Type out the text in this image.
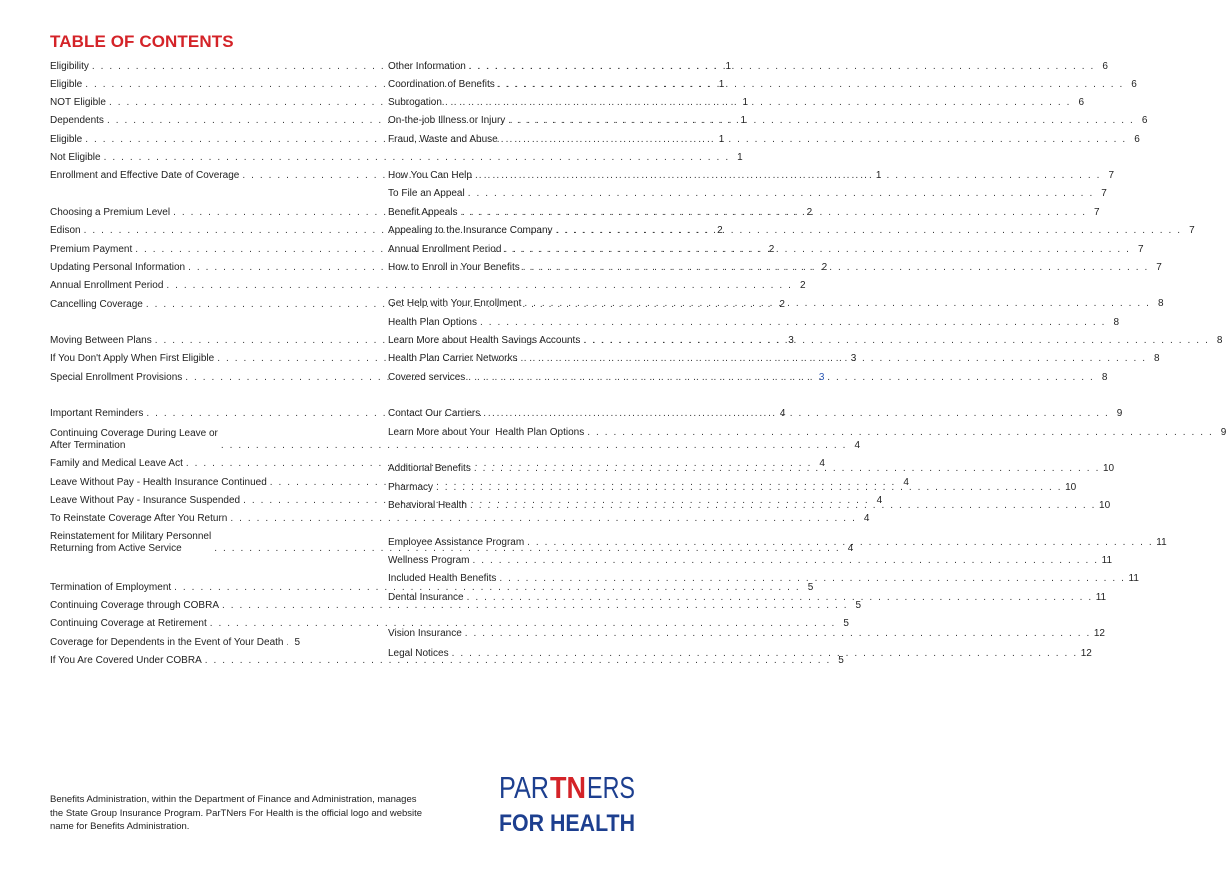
TABLE OF CONTENTS
Eligibility . . .	1
Eligible . . .	1
NOT Eligible . . .	1
Dependents . . .	1
Eligible . . .	1
Not Eligible . . .	1
Enrollment and Effective Date of Coverage . . .	1
Choosing a Premium Level . . .	2
Edison . . .	2
Premium Payment . . .	2
Updating Personal Information . . .	2
Annual Enrollment Period . . .	2
Cancelling Coverage . . .	2
Moving Between Plans . . .	3
If You Don't Apply When First Eligible . . .	3
Special Enrollment Provisions . . .	3
Important Reminders . . .	4
Continuing Coverage During Leave or
After Termination . . .	4
Family and Medical Leave Act . . .	4
Leave Without Pay - Health Insurance Continued . . .	4
Leave Without Pay - Insurance Suspended . . .	4
To Reinstate Coverage After You Return . . .	4
Reinstatement for Military Personnel
Returning from Active Service . . .	4
Termination of Employment . . .	5
Continuing Coverage through COBRA . . .	5
Continuing Coverage at Retirement . . .	5
Coverage for Dependents in the Event of Your Death . . .	5
If You Are Covered Under COBRA . . .	5
Other Information . . .	6
Coordination of Benefits . . .	6
Subrogation . . .	6
On-the-job Illness or Injury . . .	6
Fraud, Waste and Abuse . . .	6
How You Can Help . . .	7
To File an Appeal . . .	7
Benefit Appeals . . .	7
Appealing to the Insurance Company . . .	7
Annual Enrollment Period . . .	7
How to Enroll in Your Benefits . . .	7
Get Help with Your Enrollment . . .	8
Health Plan Options . . .	8
Learn More about Health Savings Accounts . . .	8
Health Plan Carrier Networks . . .	8
Covered services . . .	8
Contact Our Carriers . . .	9
Learn More about Your  Health Plan Options . . .	9
Additional Benefits . . .	10
Pharmacy . . .	10
Behavioral Health . . .	10
Employee Assistance Program . . .	11
Wellness Program . . .	11
Included Health Benefits . . .	11
Dental Insurance . . .	11
Vision Insurance . . .	12
Legal Notices . . .	12
Benefits Administration, within the Department of Finance and Administration, manages the State Group Insurance Program. ParTNers For Health is the official logo and website name for Benefits Administration.
PAR TN ERS
FOR HEALTH
